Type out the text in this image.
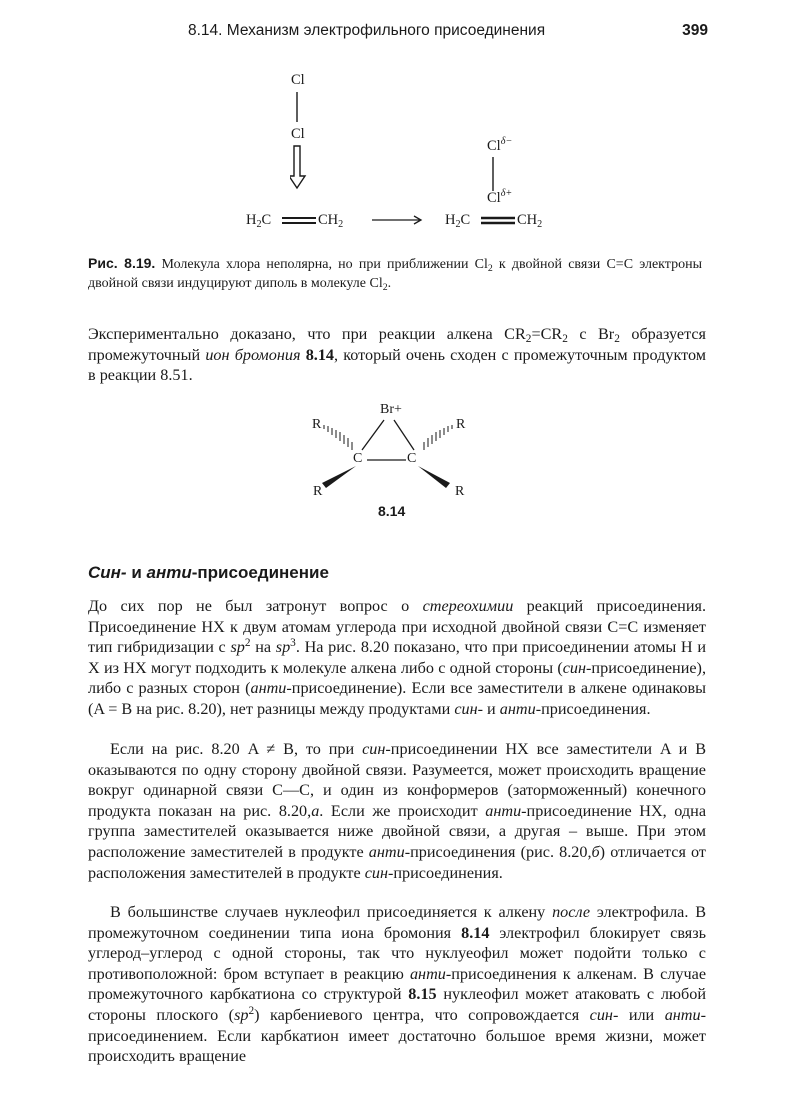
8.14. Механизм электрофильного присоединения	399
Cl
Cl
$H_2C$	$CH_2$
$Cl^{\delta-}$
$Cl^{\delta+}$
$H_2C$	$CH_2$
Рис. 8.19. Молекула хлора неполярна, но при приближении $Cl_2$ к двойной связи C=C электроны двойной связи индуцируют диполь в молекуле $Cl_2$.
Экспериментально доказано, что при реакции алкена $CR_2=CR_2$ с $Br_2$ образуется промежуточный ион бромония 8.14, который очень сходен с промежуточным продуктом в реакции 8.51.
Br+
R	R
C	C
R	R
8.14
Син- и анти-присоединение
До сих пор не был затронут вопрос о стереохимии реакций присоединения. Присоединение HX к двум атомам углерода при исходной двойной связи C=C изменяет тип гибридизации с $sp^2$ на $sp^3$. На рис. 8.20 показано, что при присоединении атомы H и X из HX могут подходить к молекуле алкена либо с одной стороны (син-присоединение), либо с разных сторон (анти-присоединение). Если все заместители в алкене одинаковы (A = B на рис. 8.20), нет разницы между продуктами син- и анти-присоединения.
Если на рис. 8.20 A ≠ B, то при син-присоединении HX все заместители A и B оказываются по одну сторону двойной связи. Разумеется, может происходить вращение вокруг одинарной связи C—C, и один из конформеров (заторможенный) конечного продукта показан на рис. 8.20,а. Если же происходит анти-присоединение HX, одна группа заместителей оказывается ниже двойной связи, а другая – выше. При этом расположение заместителей в продукте анти-присоединения (рис. 8.20,б) отличается от расположения заместителей в продукте син-присоединения.
В большинстве случаев нуклеофил присоединяется к алкену после электрофила. В промежуточном соединении типа иона бромония 8.14 электрофил блокирует связь углерод–углерод с одной стороны, так что нуклуеофил может подойти только с противоположной: бром вступает в реакцию анти-присоединения к алкенам. В случае промежуточного карбкатиона со структурой 8.15 нуклеофил может атаковать с любой стороны плоского $(sp^2)$ карбениевого центра, что сопровождается син- или анти-присоединением. Если карбкатион имеет достаточно большое время жизни, может происходить вращение
